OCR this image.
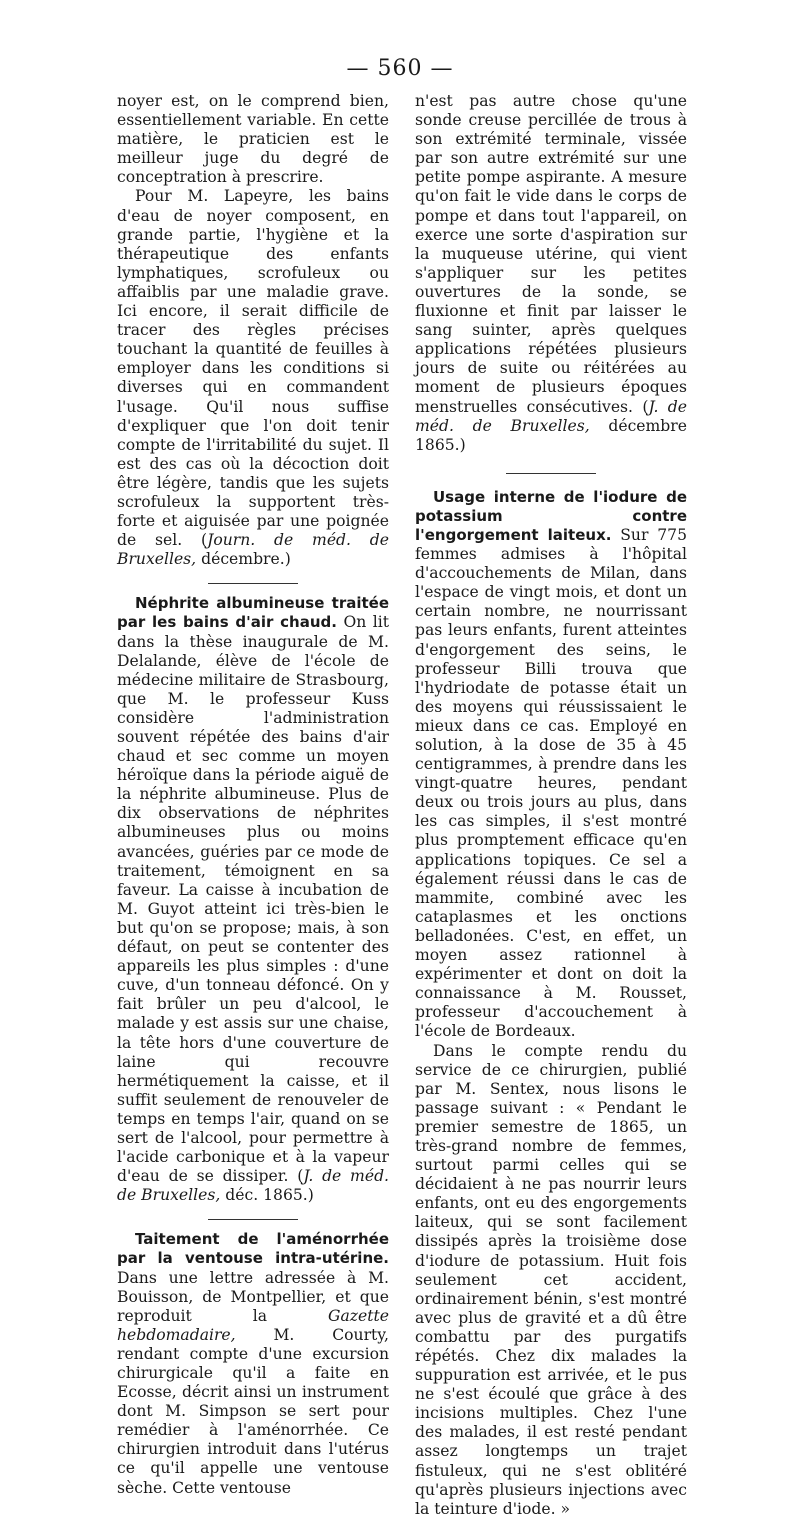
— 560 —

noyer est, on le comprend bien, essentiellement variable. En cette matière, le praticien est le meilleur juge du degré de conceptration à prescrire.

Pour M. Lapeyre, les bains d'eau de noyer composent, en grande partie, l'hygiène et la thérapeutique des enfants lymphatiques, scrofuleux ou affaiblis par une maladie grave. Ici encore, il serait difficile de tracer des règles précises touchant la quantité de feuilles à employer dans les conditions si diverses qui en commandent l'usage. Qu'il nous suffise d'expliquer que l'on doit tenir compte de l'irritabilité du sujet. Il est des cas où la décoction doit être légère, tandis que les sujets scrofuleux la supportent très-forte et aiguisée par une poignée de sel. (Journ. de méd. de Bruxelles, décembre.)

Néphrite albumineuse traitée par les bains d'air chaud. On lit dans la thèse inaugurale de M. Delalande, élève de l'école de médecine militaire de Strasbourg, que M. le professeur Kuss considère l'administration souvent répétée des bains d'air chaud et sec comme un moyen héroïque dans la période aiguë de la néphrite albumineuse. Plus de dix observations de néphrites albumineuses plus ou moins avancées, guéries par ce mode de traitement, témoignent en sa faveur. La caisse à incubation de M. Guyot atteint ici très-bien le but qu'on se propose; mais, à son défaut, on peut se contenter des appareils les plus simples : d'une cuve, d'un tonneau défoncé. On y fait brûler un peu d'alcool, le malade y est assis sur une chaise, la tête hors d'une couverture de laine qui recouvre hermétiquement la caisse, et il suffit seulement de renouveler de temps en temps l'air, quand on se sert de l'alcool, pour permettre à l'acide carbonique et à la vapeur d'eau de se dissiper. (J. de méd. de Bruxelles, déc. 1865.)

Taitement de l'aménorrhée par la ventouse intra-utérine. Dans une lettre adressée à M. Bouisson, de Montpellier, et que reproduit la Gazette hebdomadaire, M. Courty, rendant compte d'une excursion chirurgicale qu'il a faite en Ecosse, décrit ainsi un instrument dont M. Simpson se sert pour remédier à l'aménorrhée. Ce chirurgien introduit dans l'utérus ce qu'il appelle une ventouse sèche. Cette ventouse

n'est pas autre chose qu'une sonde creuse percillée de trous à son extrémité terminale, vissée par son autre extrémité sur une petite pompe aspirante. A mesure qu'on fait le vide dans le corps de pompe et dans tout l'appareil, on exerce une sorte d'aspiration sur la muqueuse utérine, qui vient s'appliquer sur les petites ouvertures de la sonde, se fluxionne et finit par laisser le sang suinter, après quelques applications répétées plusieurs jours de suite ou réitérées au moment de plusieurs époques menstruelles consécutives. (J. de méd. de Bruxelles, décembre 1865.)

Usage interne de l'iodure de potassium contre l'engorgement laiteux. Sur 775 femmes admises à l'hôpital d'accouchements de Milan, dans l'espace de vingt mois, et dont un certain nombre, ne nourrissant pas leurs enfants, furent atteintes d'engorgement des seins, le professeur Billi trouva que l'hydriodate de potasse était un des moyens qui réussissaient le mieux dans ce cas. Employé en solution, à la dose de 35 à 45 centigrammes, à prendre dans les vingt-quatre heures, pendant deux ou trois jours au plus, dans les cas simples, il s'est montré plus promptement efficace qu'en applications topiques. Ce sel a également réussi dans le cas de mammite, combiné avec les cataplasmes et les onctions belladonées. C'est, en effet, un moyen assez rationnel à expérimenter et dont on doit la connaissance à M. Rousset, professeur d'accouchement à l'école de Bordeaux.

Dans le compte rendu du service de ce chirurgien, publié par M. Sentex, nous lisons le passage suivant : « Pendant le premier semestre de 1865, un très-grand nombre de femmes, surtout parmi celles qui se décidaient à ne pas nourrir leurs enfants, ont eu des engorgements laiteux, qui se sont facilement dissipés après la troisième dose d'iodure de potassium. Huit fois seulement cet accident, ordinairement bénin, s'est montré avec plus de gravité et a dû être combattu par des purgatifs répétés. Chez dix malades la suppuration est arrivée, et le pus ne s'est écoulé que grâce à des incisions multiples. Chez l'une des malades, il est resté pendant assez longtemps un trajet fistuleux, qui ne s'est oblitéré qu'après plusieurs injections avec la teinture d'iode. »
